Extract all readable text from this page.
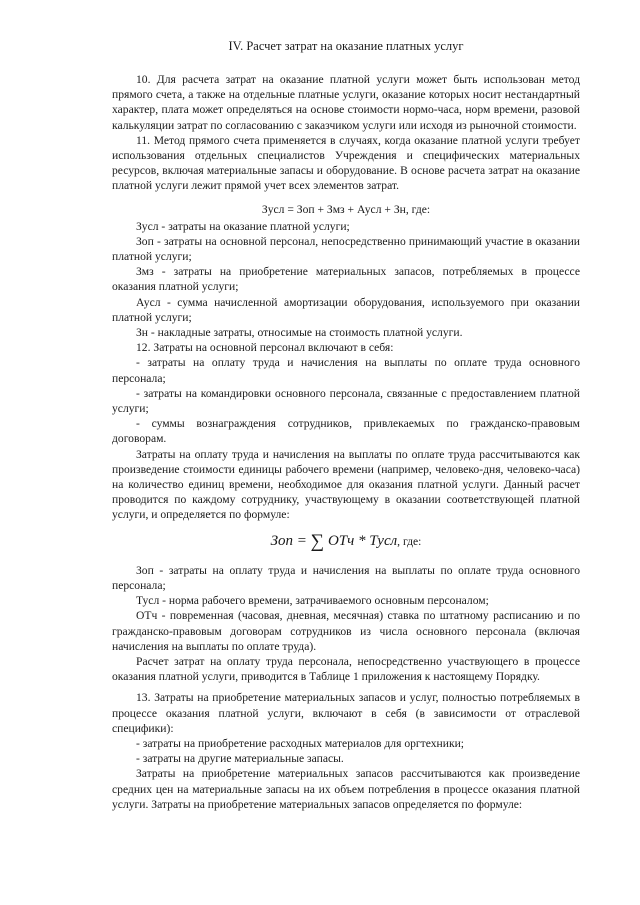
IV. Расчет затрат на оказание платных услуг

10. Для расчета затрат на оказание платной услуги может быть использован метод прямого счета, а также на отдельные платные услуги, оказание которых носит нестандартный характер, плата может определяться на основе стоимости нормо-часа, норм времени, разовой калькуляции затрат по согласованию с заказчиком услуги или исходя из рыночной стоимости.

11. Метод прямого счета применяется в случаях, когда оказание платной услуги требует использования отдельных специалистов Учреждения и специфических материальных ресурсов, включая материальные запасы и оборудование. В основе расчета затрат на оказание платной услуги лежит прямой учет всех элементов затрат.

Зусл = Зоп + Змз + Аусл + Зн, где:

Зусл - затраты на оказание платной услуги;

Зоп - затраты на основной персонал, непосредственно принимающий участие в оказании платной услуги;

Змз - затраты на приобретение материальных запасов, потребляемых в процессе оказания платной услуги;

Аусл - сумма начисленной амортизации оборудования, используемого при оказании платной услуги;

Зн - накладные затраты, относимые на стоимость платной услуги.

12. Затраты на основной персонал включают в себя:

- затраты на оплату труда и начисления на выплаты по оплате труда основного персонала;

- затраты на командировки основного персонала, связанные с предоставлением платной услуги;

- суммы вознаграждения сотрудников, привлекаемых по гражданско-правовым договорам.

Затраты на оплату труда и начисления на выплаты по оплате труда рассчитываются как произведение стоимости единицы рабочего времени (например, человеко-дня, человеко-часа) на количество единиц времени, необходимое для оказания платной услуги. Данный расчет проводится по каждому сотруднику, участвующему в оказании соответствующей платной услуги, и определяется по формуле:

Зоп = ∑ ОТч * Тусл, где:

Зоп - затраты на оплату труда и начисления на выплаты по оплате труда основного персонала;

Тусл - норма рабочего времени, затрачиваемого основным персоналом;

ОТч - повременная (часовая, дневная, месячная) ставка по штатному расписанию и по гражданско-правовым договорам сотрудников из числа основного персонала (включая начисления на выплаты по оплате труда).

Расчет затрат на оплату труда персонала, непосредственно участвующего в процессе оказания платной услуги, приводится в Таблице 1 приложения к настоящему Порядку.

13. Затраты на приобретение материальных запасов и услуг, полностью потребляемых в процессе оказания платной услуги, включают в себя (в зависимости от отраслевой специфики):

- затраты на приобретение расходных материалов для оргтехники;

- затраты на другие материальные запасы.

Затраты на приобретение материальных запасов рассчитываются как произведение средних цен на материальные запасы на их объем потребления в процессе оказания платной услуги. Затраты на приобретение материальных запасов определяется по формуле:
